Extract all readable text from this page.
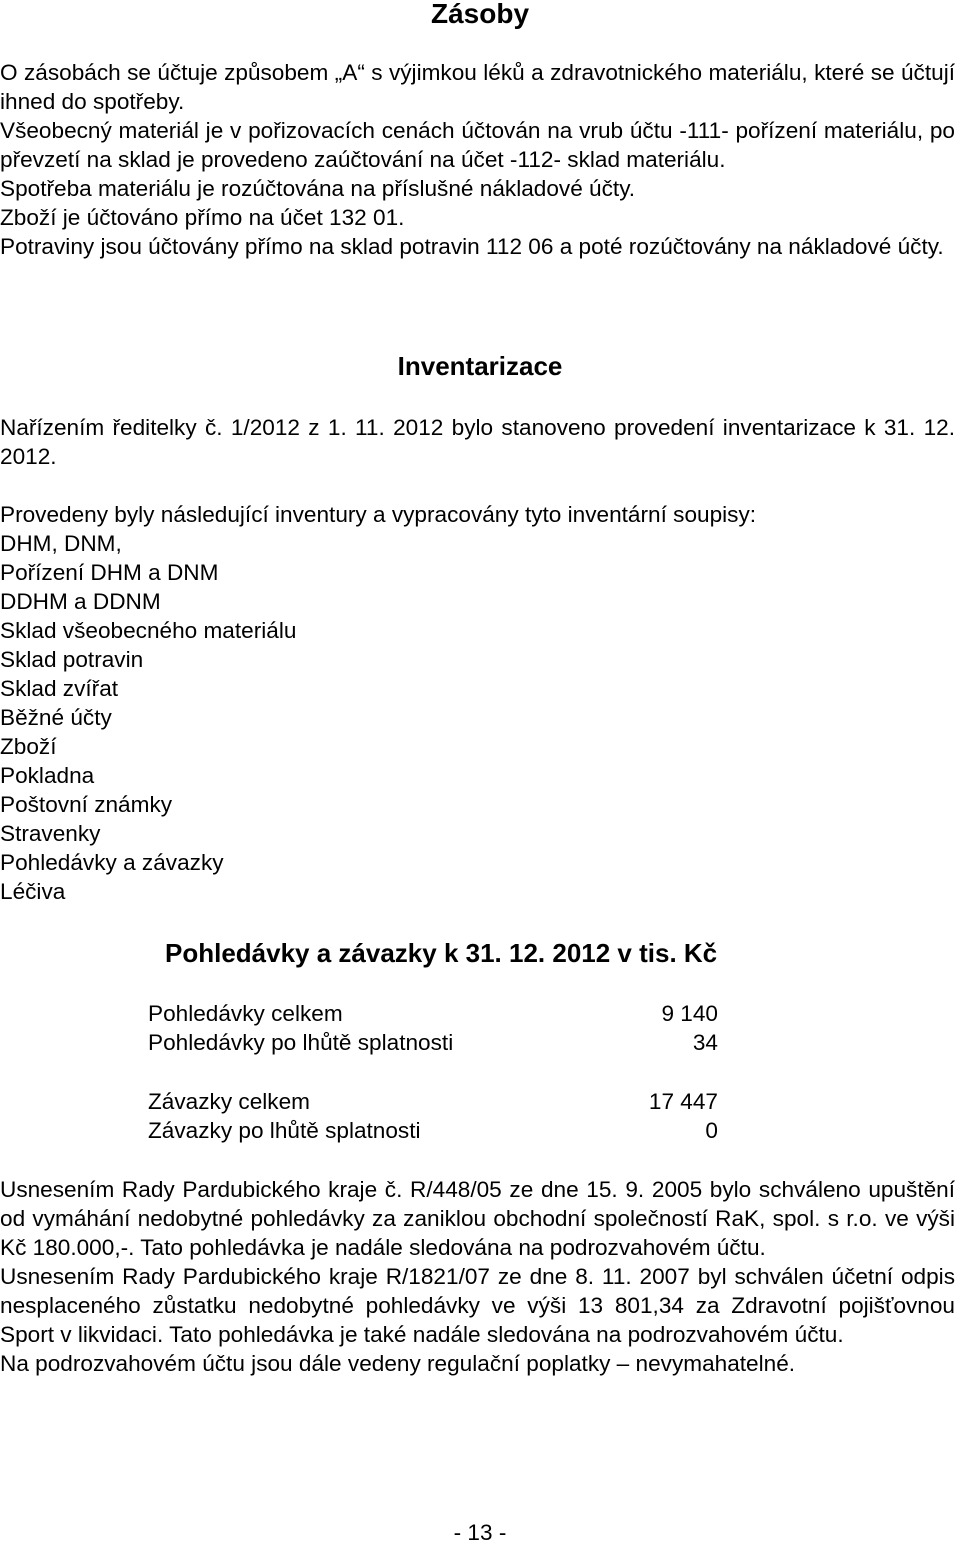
Zásoby

O zásobách se účtuje způsobem „A“ s výjimkou léků a zdravotnického materiálu, které se účtují ihned do spotřeby.

Všeobecný materiál je v pořizovacích cenách účtován na vrub účtu -111- pořízení materiálu, po převzetí na sklad je provedeno zaúčtování na účet -112- sklad materiálu.

Spotřeba materiálu je rozúčtována na příslušné nákladové účty.

Zboží je účtováno přímo na účet 132 01.

Potraviny jsou účtovány přímo na sklad potravin 112 06 a poté rozúčtovány na nákladové účty.

Inventarizace

Nařízením ředitelky č. 1/2012 z 1. 11. 2012 bylo stanoveno provedení inventarizace k 31. 12. 2012.

Provedeny byly následující inventury a vypracovány tyto inventární soupisy:

DHM, DNM,
Pořízení DHM a DNM
DDHM a DDNM
Sklad všeobecného materiálu
Sklad potravin
Sklad zvířat
Běžné účty
Zboží
Pokladna
Poštovní známky
Stravenky
Pohledávky a závazky
Léčiva
Pohledávky a závazky k 31. 12. 2012 v tis. Kč
Pohledávky celkem	9 140
Pohledávky po lhůtě splatnosti	34
Závazky celkem	17 447
Závazky po lhůtě splatnosti	0

Usnesením Rady Pardubického kraje č. R/448/05 ze dne 15. 9. 2005 bylo schváleno upuštění od vymáhání nedobytné pohledávky za zaniklou obchodní společností RaK, spol. s r.o. ve výši Kč 180.000,-. Tato pohledávka je nadále sledována na podrozvahovém účtu.

Usnesením Rady Pardubického kraje R/1821/07 ze dne 8. 11. 2007 byl schválen účetní odpis nesplaceného zůstatku nedobytné pohledávky ve výši 13 801,34 za Zdravotní pojišťovnou Sport v likvidaci. Tato pohledávka je také nadále sledována na podrozvahovém účtu.

Na podrozvahovém účtu jsou dále vedeny regulační poplatky – nevymahatelné.

- 13 -
